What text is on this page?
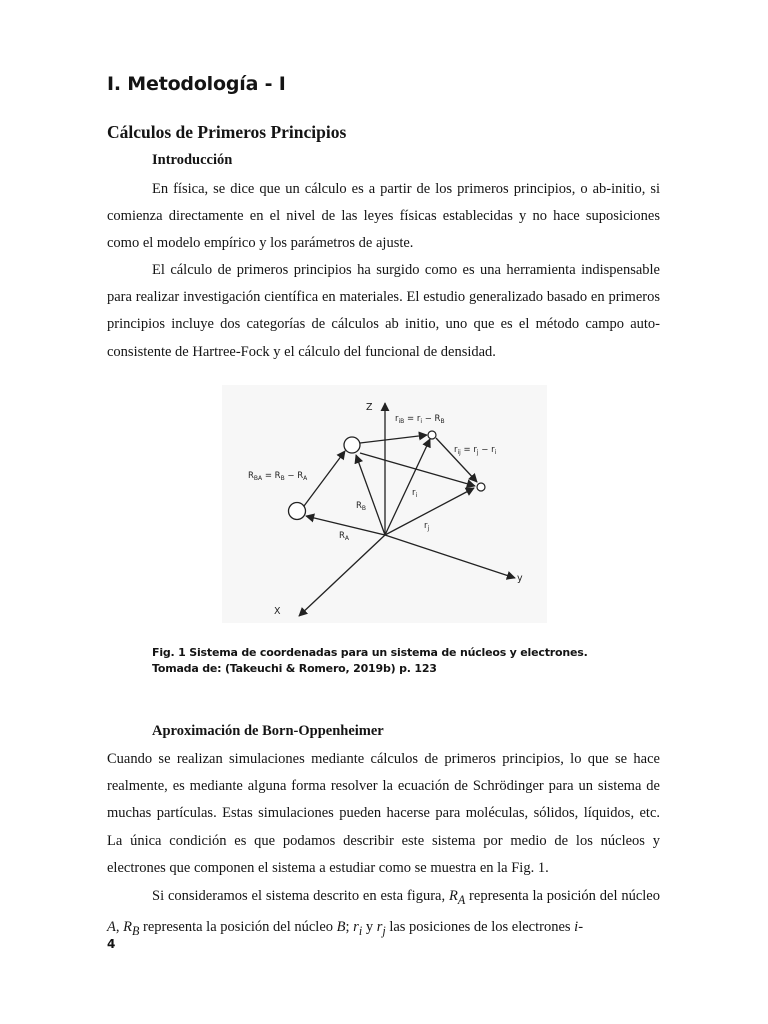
I. Metodología - I
Cálculos de Primeros Principios
Introducción

En física, se dice que un cálculo es a partir de los primeros principios, o ab-initio, si comienza directamente en el nivel de las leyes físicas establecidas y no hace suposiciones como el modelo empírico y los parámetros de ajuste.

El cálculo de primeros principios ha surgido como es una herramienta indispensable para realizar investigación científica en materiales. El estudio generalizado basado en primeros principios incluye dos categorías de cálculos ab initio, uno que es el método campo auto-consistente de Hartree-Fock y el cálculo del funcional de densidad.

Z
y
X
$r_{iB} = r_i - R_B$
$r_{ij} = r_j - r_i$
$R_{BA} = R_B - R_A$
$R_B$
$r_i$
$r_j$
$R_A$
Fig. 1 Sistema de coordenadas para un sistema de núcleos y electrones. Tomada de: (Takeuchi & Romero, 2019b) p. 123
Aproximación de Born-Oppenheimer

Cuando se realizan simulaciones mediante cálculos de primeros principios, lo que se hace realmente, es mediante alguna forma resolver la ecuación de Schrödinger para un sistema de muchas partículas. Estas simulaciones pueden hacerse para moléculas, sólidos, líquidos, etc. La única condición es que podamos describir este sistema por medio de los núcleos y electrones que componen el sistema a estudiar como se muestra en la Fig. 1.

Si consideramos el sistema descrito en esta figura, $R_A$ representa la posición del núcleo A, $R_B$ representa la posición del núcleo B; $r_i$ y $r_j$ las posiciones de los electrones i-

4
